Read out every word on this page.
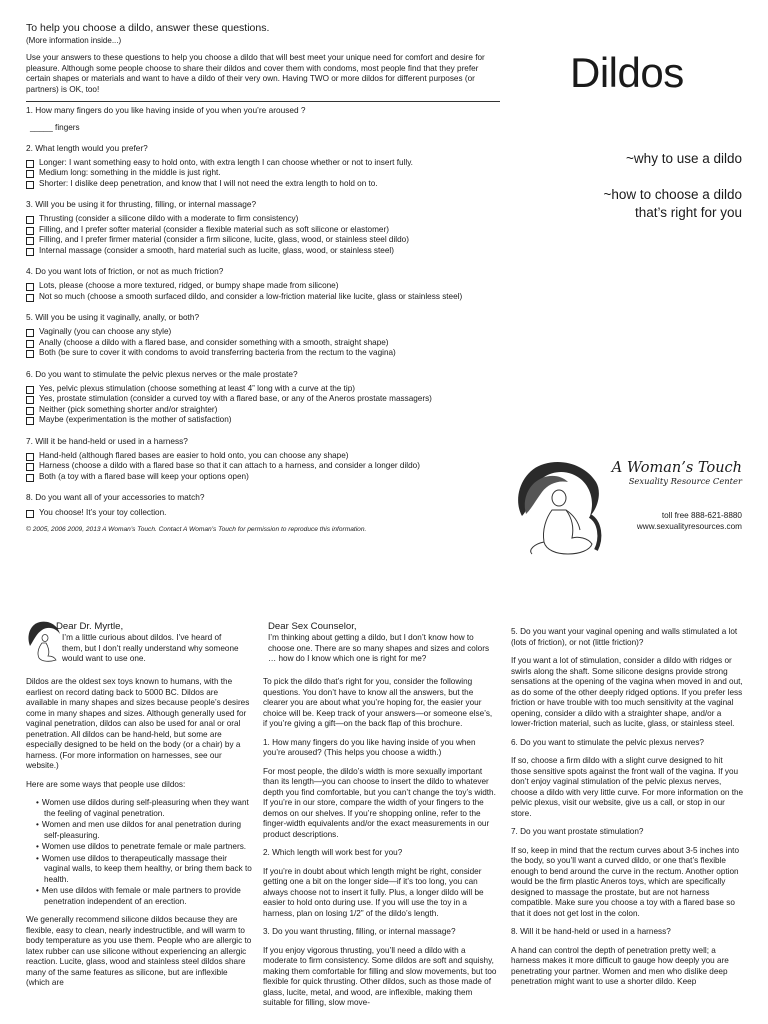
To help you choose a dildo, answer these questions.
(More information inside...)
Use your answers to these questions to help you choose a dildo that will best meet your unique need for comfort and desire for pleasure. Although some people choose to share their dildos and cover them with condoms, most people find that they prefer certain shapes or materials and want to have a dildo of their very own. Having TWO or more dildos for different purposes (or partners) is OK, too!
1. How many fingers do you like having inside of you when you’re aroused ?
_____ fingers
2. What length would you prefer?
Longer: I want something easy to hold onto, with extra length I can choose whether or not to insert fully.
Medium long: something in the middle is just right.
Shorter: I dislike deep penetration, and know that I will not need the extra length to hold on to.
3. Will you be using it for thrusting, filling, or internal massage?
Thrusting (consider a silicone dildo with a moderate to firm consistency)
Filling, and I prefer softer material (consider a flexible material such as soft silicone or elastomer)
Filling, and I prefer firmer material (consider a firm silicone, lucite, glass, wood, or stainless steel dildo)
Internal massage (consider a smooth, hard material such as lucite, glass, wood, or stainless steel)
4. Do you want lots of friction, or not as much friction?
Lots, please (choose a more textured, ridged, or bumpy shape made from silicone)
Not so much (choose a smooth surfaced dildo, and consider a low-friction material like lucite, glass or stainless steel)
5. Will you be using it vaginally, anally, or both?
Vaginally (you can choose any style)
Anally (choose a dildo with a flared base, and consider something with a smooth, straight shape)
Both (be sure to cover it with condoms to avoid transferring bacteria from the rectum to the vagina)
6. Do you want to stimulate the pelvic plexus nerves or the male prostate?
Yes, pelvic plexus stimulation (choose something at least 4” long with a curve at the tip)
Yes, prostate stimulation (consider a curved toy with a flared base, or any of the Aneros prostate massagers)
Neither (pick something shorter and/or straighter)
Maybe (experimentation is the mother of satisfaction)
7. Will it be hand-held or used in a harness?
Hand-held (although flared bases are easier to hold onto, you can choose any shape)
Harness (choose a dildo with a flared base so that it can attach to a harness, and consider a longer dildo)
Both (a toy with a flared base will keep your options open)
8. Do you want all of your accessories to match?
You choose! It’s your toy collection.
© 2005, 2006 2009, 2013 A Woman’s Touch. Contact A Woman’s Touch for permission to reproduce this information.
Dildos
~why to use a dildo
~how to choose a dildo
that’s right for you
A Woman’s Touch
Sexuality Resource Center
toll free 888-621-8880
www.sexualityresources.com
Dear Dr. Myrtle,
I’m a little curious about dildos. I’ve heard of them, but I don’t really understand why someone would want to use one.

Dildos are the oldest sex toys known to humans, with the earliest on record dating back to 5000 BC. Dildos are available in many shapes and sizes because people’s desires come in many shapes and sizes. Although generally used for vaginal penetration, dildos can also be used for anal or oral penetration. All dildos can be hand-held, but some are especially designed to be held on the body (or a chair) by a harness. (For more information on harnesses, see our website.)

Here are some ways that people use dildos:

• Women use dildos during self-pleasuring when they want the feeling of vaginal penetration.
• Women and men use dildos for anal penetration during self-pleasuring.
• Women use dildos to penetrate female or male partners.
• Women use dildos to therapeutically massage their vaginal walls, to keep them healthy, or bring them back to health.
• Men use dildos with female or male partners to provide penetration independent of an erection.

We generally recommend silicone dildos because they are flexible, easy to clean, nearly indestructible, and will warm to body temperature as you use them. People who are allergic to latex rubber can use silicone without experiencing an allergic reaction. Lucite, glass, wood and stainless steel dildos share many of the same features as silicone, but are inflexible (which are

Dear Sex Counselor,
I’m thinking about getting a dildo, but I don’t know how to choose one. There are so many shapes and sizes and colors … how do I know which one is right for me?

To pick the dildo that’s right for you, consider the following questions. You don’t have to know all the answers, but the clearer you are about what you’re hoping for, the easier your choice will be. Keep track of your answers—or someone else’s, if you’re giving a gift—on the back flap of this brochure.

1. How many fingers do you like having inside of you when you’re aroused? (This helps you choose a width.)

For most people, the dildo’s width is more sexually important than its length—you can choose to insert the dildo to whatever depth you find comfortable, but you can’t change the toy’s width. If you’re in our store, compare the width of your fingers to the demos on our shelves. If you’re shopping online, refer to the finger-width equivalents and/or the exact measurements in our product descriptions.

2. Which length will work best for you?

If you’re in doubt about which length might be right, consider getting one a bit on the longer side—if it’s too long, you can always choose not to insert it fully. Plus, a longer dildo will be easier to hold onto during use. If you will use the toy in a harness, plan on losing 1/2” of the dildo’s length.

3. Do you want thrusting, filling, or internal massage?

If you enjoy vigorous thrusting, you’ll need a dildo with a moderate to firm consistency. Some dildos are soft and squishy, making them comfortable for filling and slow movements, but too flexible for quick thrusting. Other dildos, such as those made of glass, lucite, metal, and wood, are inflexible, making them suitable for filling, slow move-

5. Do you want your vaginal opening and walls stimulated a lot (lots of friction), or not (little friction)?

If you want a lot of stimulation, consider a dildo with ridges or swirls along the shaft. Some silicone designs provide strong sensations at the opening of the vagina when moved in and out, as do some of the other deeply ridged options. If you prefer less friction or have trouble with too much sensitivity at the vaginal opening, consider a dildo with a straighter shape, and/or a lower-friction material, such as lucite, glass, or stainless steel.

6. Do you want to stimulate the pelvic plexus nerves?

If so, choose a firm dildo with a slight curve designed to hit those sensitive spots against the front wall of the vagina. If you don’t enjoy vaginal stimulation of the pelvic plexus nerves, choose a dildo with very little curve. For more information on the pelvic plexus, visit our website, give us a call, or stop in our store.

7. Do you want prostate stimulation?

If so, keep in mind that the rectum curves about 3-5 inches into the body, so you’ll want a curved dildo, or one that’s flexible enough to bend around the curve in the rectum. Another option would be the firm plastic Aneros toys, which are specifically designed to massage the prostate, but are not harness compatible. Make sure you choose a toy with a flared base so that it does not get lost in the colon.

8. Will it be hand-held or used in a harness?

A hand can control the depth of penetration pretty well; a harness makes it more difficult to gauge how deeply you are penetrating your partner. Women and men who dislike deep penetration might want to use a shorter dildo. Keep
